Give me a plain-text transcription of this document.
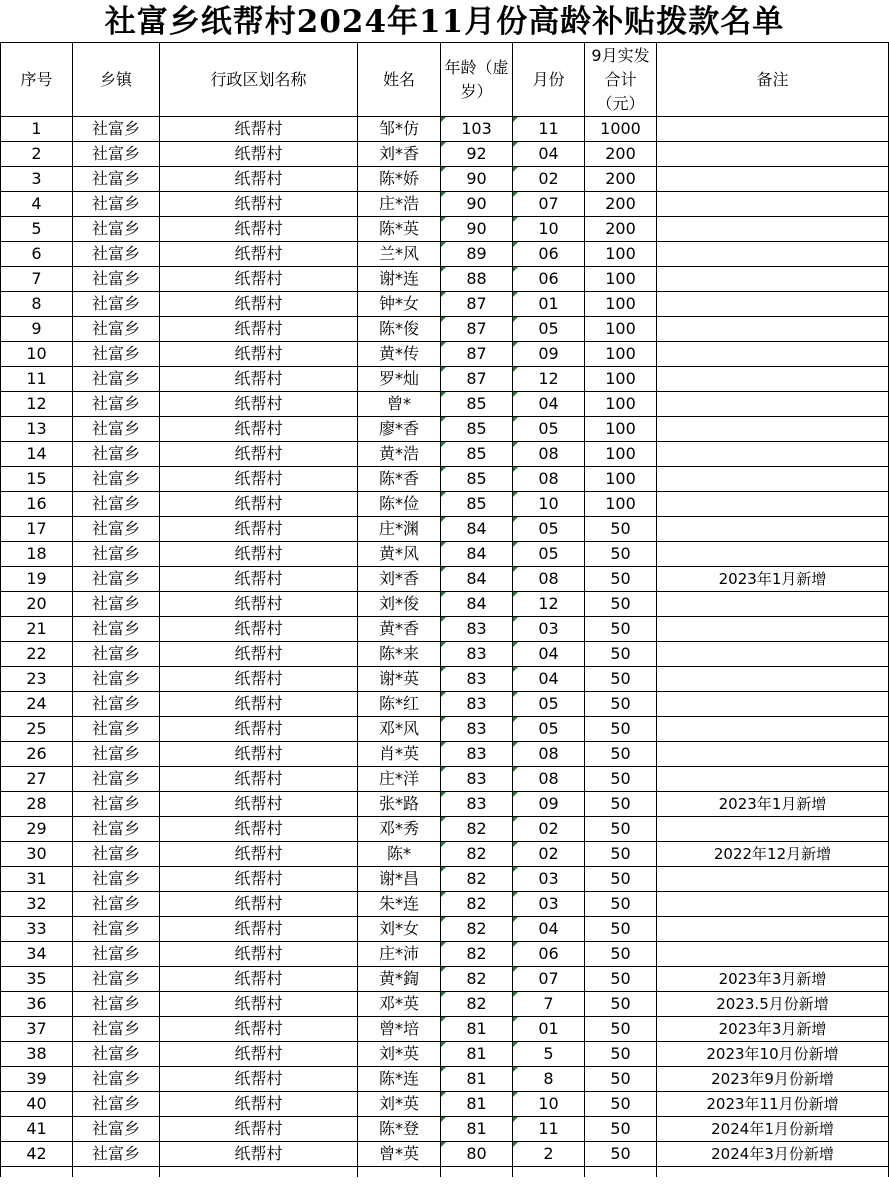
社富乡纸帮村2024年11月份高龄补贴拨款名单
序号	乡镇	行政区划名称	姓名	年龄（虚岁）	月份	9月实发合计（元）	备注
1	社富乡	纸帮村	邹*仿	103	11	1000	
2	社富乡	纸帮村	刘*香	92	04	200	
3	社富乡	纸帮村	陈*娇	90	02	200	
4	社富乡	纸帮村	庄*浩	90	07	200	
5	社富乡	纸帮村	陈*英	90	10	200	
6	社富乡	纸帮村	兰*风	89	06	100	
7	社富乡	纸帮村	谢*连	88	06	100	
8	社富乡	纸帮村	钟*女	87	01	100	
9	社富乡	纸帮村	陈*俊	87	05	100	
10	社富乡	纸帮村	黄*传	87	09	100	
11	社富乡	纸帮村	罗*灿	87	12	100	
12	社富乡	纸帮村	曾*	85	04	100	
13	社富乡	纸帮村	廖*香	85	05	100	
14	社富乡	纸帮村	黄*浩	85	08	100	
15	社富乡	纸帮村	陈*香	85	08	100	
16	社富乡	纸帮村	陈*俭	85	10	100	
17	社富乡	纸帮村	庄*渊	84	05	50	
18	社富乡	纸帮村	黄*风	84	05	50	
19	社富乡	纸帮村	刘*香	84	08	50	2023年1月新增
20	社富乡	纸帮村	刘*俊	84	12	50	
21	社富乡	纸帮村	黄*香	83	03	50	
22	社富乡	纸帮村	陈*来	83	04	50	
23	社富乡	纸帮村	谢*英	83	04	50	
24	社富乡	纸帮村	陈*红	83	05	50	
25	社富乡	纸帮村	邓*风	83	05	50	
26	社富乡	纸帮村	肖*英	83	08	50	
27	社富乡	纸帮村	庄*洋	83	08	50	
28	社富乡	纸帮村	张*路	83	09	50	2023年1月新增
29	社富乡	纸帮村	邓*秀	82	02	50	
30	社富乡	纸帮村	陈*	82	02	50	2022年12月新增
31	社富乡	纸帮村	谢*昌	82	03	50	
32	社富乡	纸帮村	朱*连	82	03	50	
33	社富乡	纸帮村	刘*女	82	04	50	
34	社富乡	纸帮村	庄*沛	82	06	50	
35	社富乡	纸帮村	黄*鍧	82	07	50	2023年3月新增
36	社富乡	纸帮村	邓*英	82	7	50	2023.5月份新增
37	社富乡	纸帮村	曾*培	81	01	50	2023年3月新增
38	社富乡	纸帮村	刘*英	81	5	50	2023年10月份新增
39	社富乡	纸帮村	陈*连	81	8	50	2023年9月份新增
40	社富乡	纸帮村	刘*英	81	10	50	2023年11月份新增
41	社富乡	纸帮村	陈*登	81	11	50	2024年1月份新增
42	社富乡	纸帮村	曾*英	80	2	50	2024年3月份新增
